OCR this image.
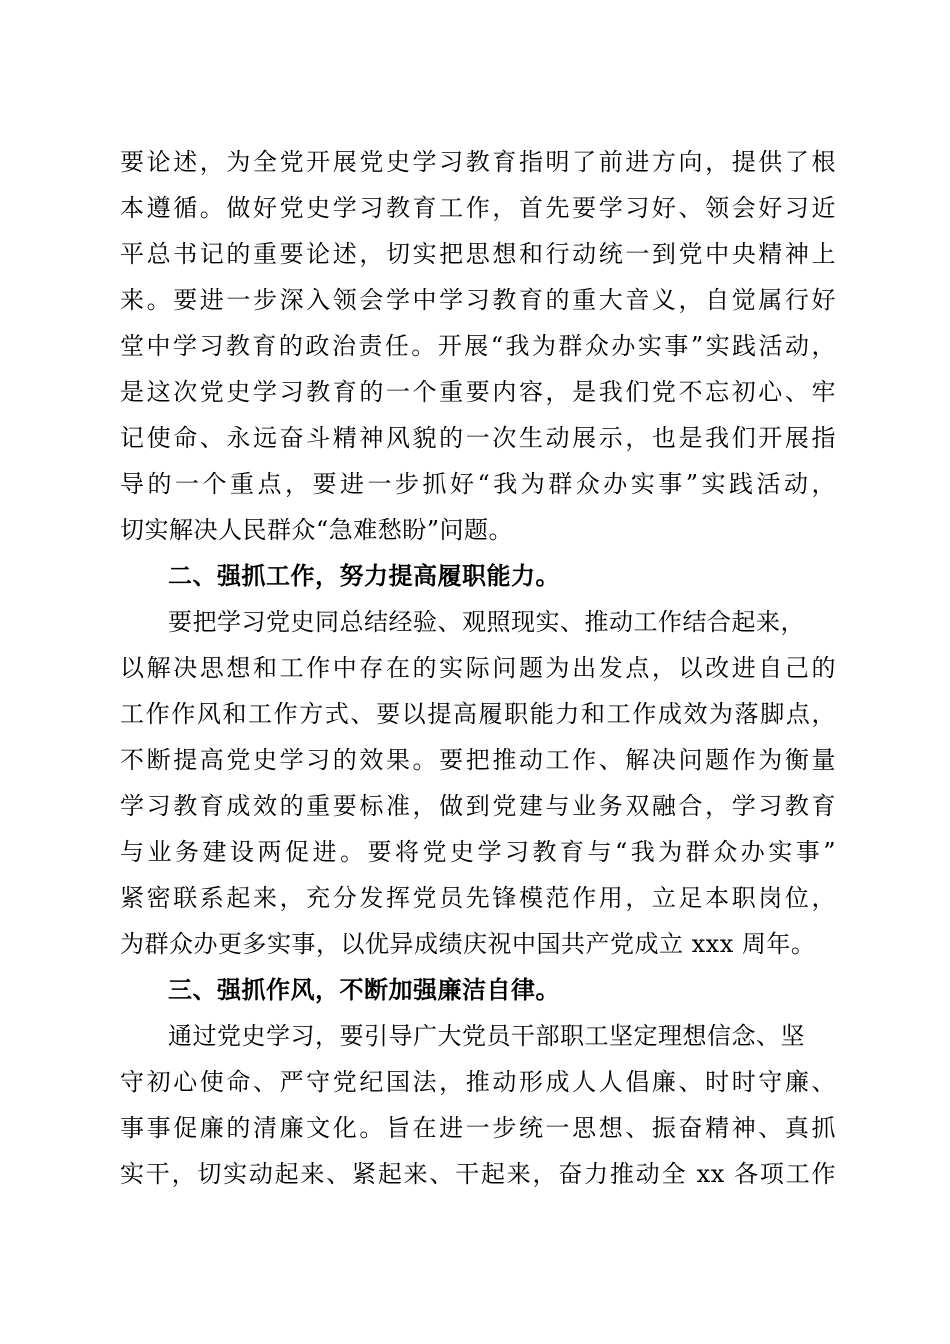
要论述，为全党开展党史学习教育指明了前进方向，提供了根
本遵循。做好党史学习教育工作，首先要学习好、领会好习近
平总书记的重要论述，切实把思想和行动统一到党中央精神上
来。要进一步深入领会学中学习教育的重大音义，自觉属行好
堂中学习教育的政治责任。开展“我为群众办实事”实践活动，
是这次党史学习教育的一个重要内容，是我们党不忘初心、牢
记使命、永远奋斗精神风貌的一次生动展示，也是我们开展指
导的一个重点，要进一步抓好“我为群众办实事”实践活动，
切实解决人民群众“急难愁盼”问题。
二、强抓工作，努力提高履职能力。
要把学习党史同总结经验、观照现实、推动工作结合起来，
以解决思想和工作中存在的实际问题为出发点，以改进自己的
工作作风和工作方式、要以提高履职能力和工作成效为落脚点，
不断提高党史学习的效果。要把推动工作、解决问题作为衡量
学习教育成效的重要标准，做到党建与业务双融合，学习教育
与业务建设两促进。要将党史学习教育与“我为群众办实事”
紧密联系起来，充分发挥党员先锋模范作用，立足本职岗位，
为群众办更多实事，以优异成绩庆祝中国共产党成立 xxx 周年。
三、强抓作风，不断加强廉洁自律。
通过党史学习，要引导广大党员干部职工坚定理想信念、坚
守初心使命、严守党纪国法，推动形成人人倡廉、时时守廉、
事事促廉的清廉文化。旨在进一步统一思想、振奋精神、真抓
实干，切实动起来、紧起来、干起来，奋力推动全 xx 各项工作
